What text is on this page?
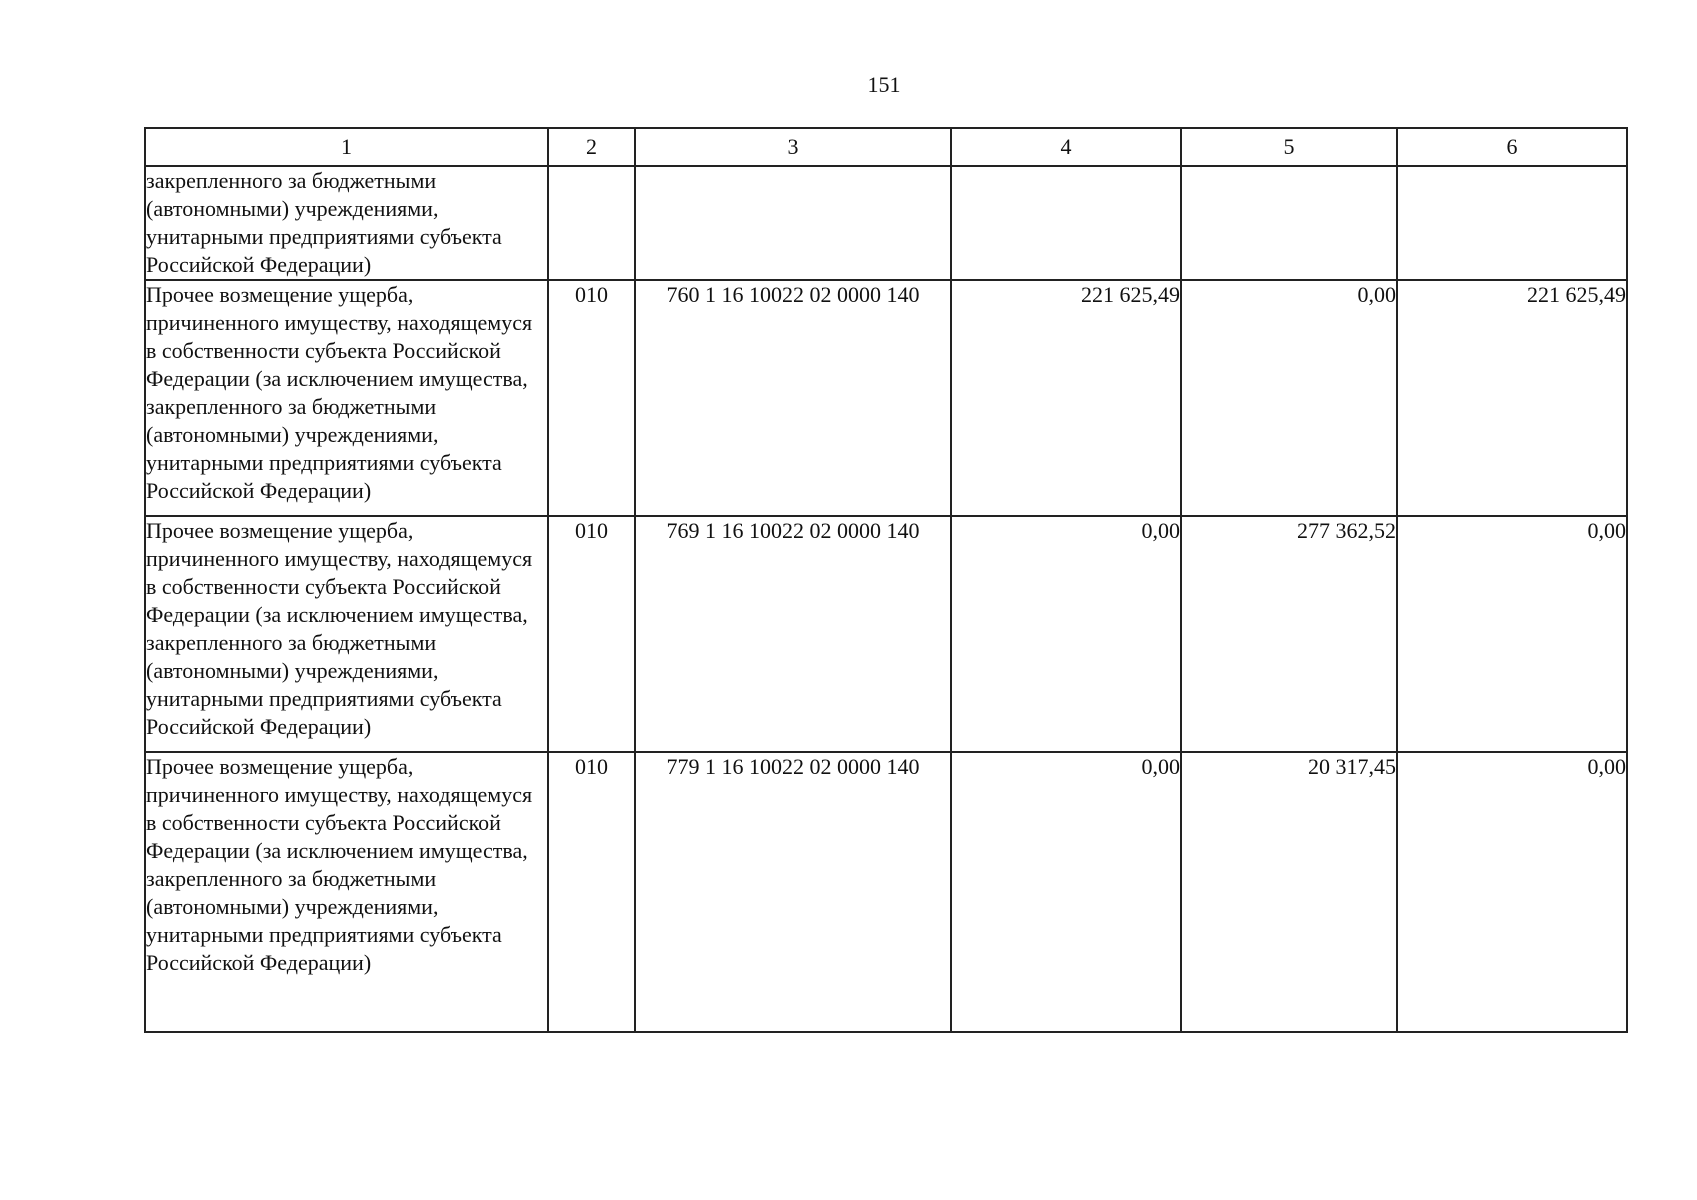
151
1	2	3	4	5	6
закрепленного за бюджетными (автономными) учреждениями, унитарными предприятиями субъекта Российской Федерации)					
Прочее возмещение ущерба, причиненного имуществу, находящемуся в собственности субъекта Российской Федерации (за исключением имущества, закрепленного за бюджетными (автономными) учреждениями, унитарными предприятиями субъекта Российской Федерации)	010	760 1 16 10022 02 0000 140	221 625,49	0,00	221 625,49
Прочее возмещение ущерба, причиненного имуществу, находящемуся в собственности субъекта Российской Федерации (за исключением имущества, закрепленного за бюджетными (автономными) учреждениями, унитарными предприятиями субъекта Российской Федерации)	010	769 1 16 10022 02 0000 140	0,00	277 362,52	0,00
Прочее возмещение ущерба, причиненного имуществу, находящемуся в собственности субъекта Российской Федерации (за исключением имущества, закрепленного за бюджетными (автономными) учреждениями, унитарными предприятиями субъекта Российской Федерации)	010	779 1 16 10022 02 0000 140	0,00	20 317,45	0,00
